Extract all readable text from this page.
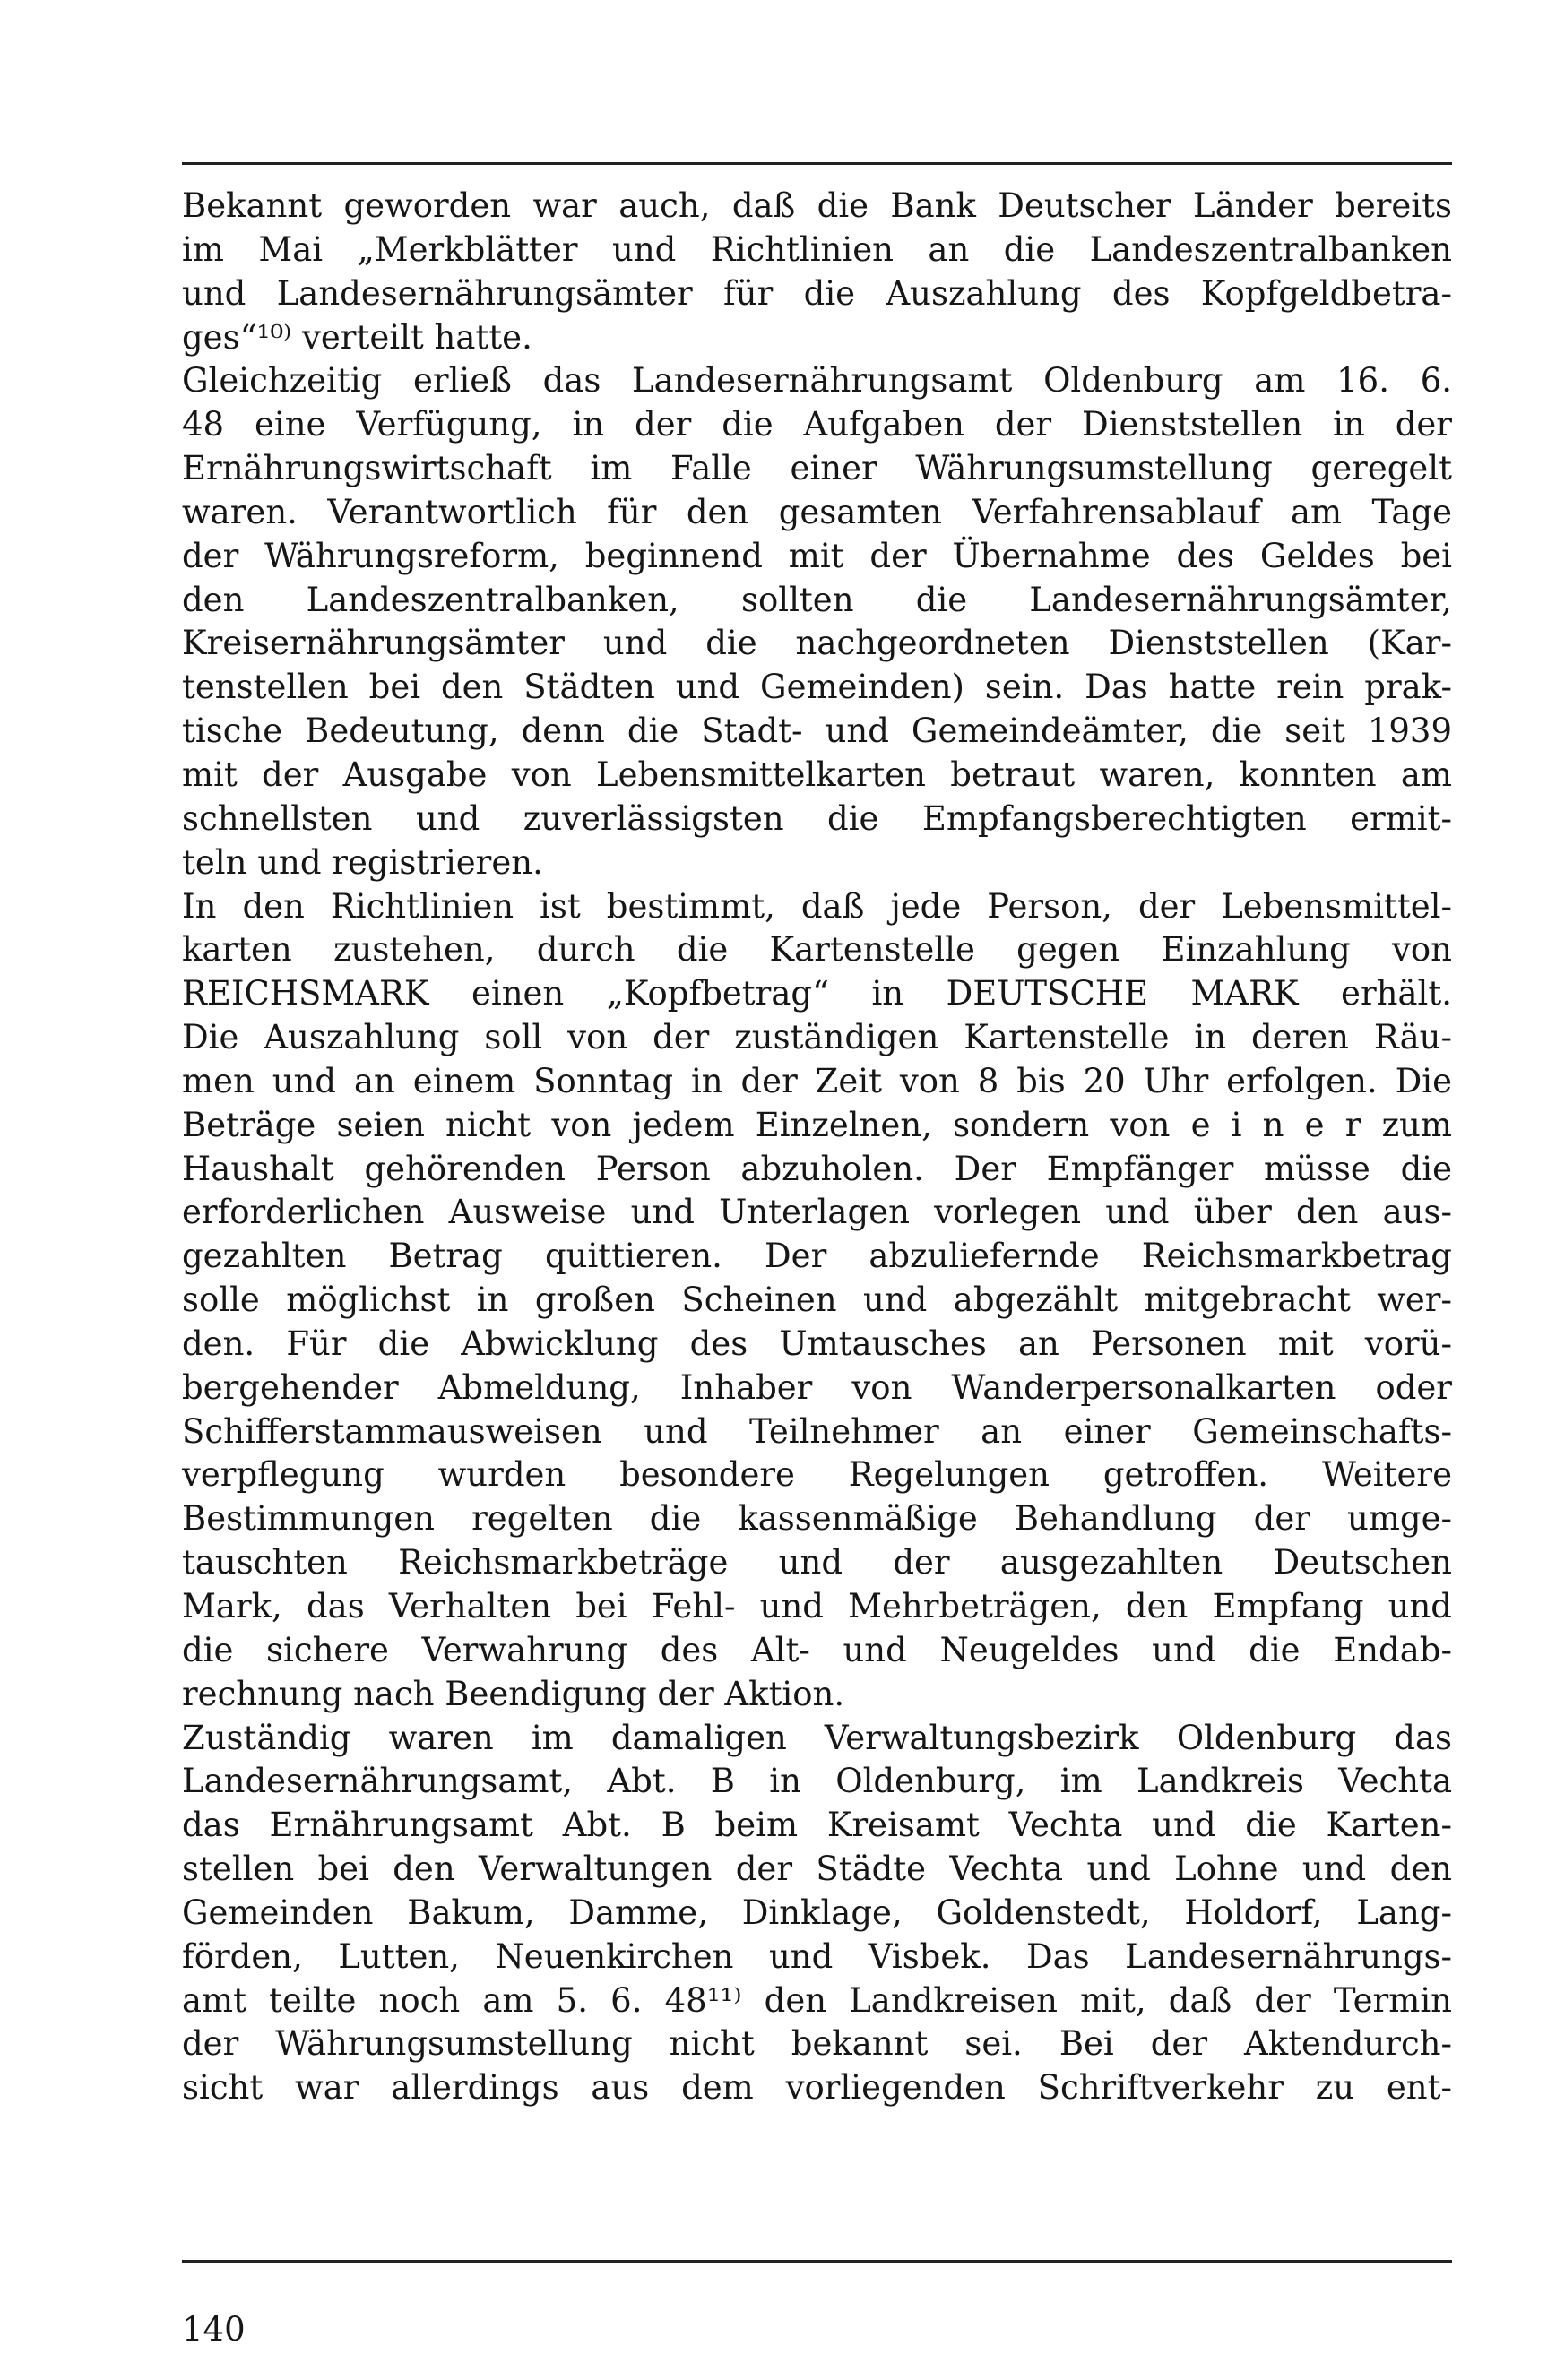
Bekannt geworden war auch, daß die Bank Deutscher Länder bereits
im Mai „Merkblätter und Richtlinien an die Landeszentralbanken
und Landesernährungsämter für die Auszahlung des Kopfgeldbetra-
ges“¹⁰⁾ verteilt hatte.
Gleichzeitig erließ das Landesernährungsamt Oldenburg am 16. 6.
48 eine Verfügung, in der die Aufgaben der Dienststellen in der
Ernährungswirtschaft im Falle einer Währungsumstellung geregelt
waren. Verantwortlich für den gesamten Verfahrensablauf am Tage
der Währungsreform, beginnend mit der Übernahme des Geldes bei
den Landeszentralbanken, sollten die Landesernährungsämter,
Kreisernährungsämter und die nachgeordneten Dienststellen (Kar-
tenstellen bei den Städten und Gemeinden) sein. Das hatte rein prak-
tische Bedeutung, denn die Stadt- und Gemeindeämter, die seit 1939
mit der Ausgabe von Lebensmittelkarten betraut waren, konnten am
schnellsten und zuverlässigsten die Empfangsberechtigten ermit-
teln und registrieren.
In den Richtlinien ist bestimmt, daß jede Person, der Lebensmittel-
karten zustehen, durch die Kartenstelle gegen Einzahlung von
REICHSMARK einen „Kopfbetrag“ in DEUTSCHE MARK erhält.
Die Auszahlung soll von der zuständigen Kartenstelle in deren Räu-
men und an einem Sonntag in der Zeit von 8 bis 20 Uhr erfolgen. Die
Beträge seien nicht von jedem Einzelnen, sondern von e i n e r zum
Haushalt gehörenden Person abzuholen. Der Empfänger müsse die
erforderlichen Ausweise und Unterlagen vorlegen und über den aus-
gezahlten Betrag quittieren. Der abzuliefernde Reichsmarkbetrag
solle möglichst in großen Scheinen und abgezählt mitgebracht wer-
den. Für die Abwicklung des Umtausches an Personen mit vorü-
bergehender Abmeldung, Inhaber von Wanderpersonalkarten oder
Schifferstammausweisen und Teilnehmer an einer Gemeinschafts-
verpflegung wurden besondere Regelungen getroffen. Weitere
Bestimmungen regelten die kassenmäßige Behandlung der umge-
tauschten Reichsmarkbeträge und der ausgezahlten Deutschen
Mark, das Verhalten bei Fehl- und Mehrbeträgen, den Empfang und
die sichere Verwahrung des Alt- und Neugeldes und die Endab-
rechnung nach Beendigung der Aktion.
Zuständig waren im damaligen Verwaltungsbezirk Oldenburg das
Landesernährungsamt, Abt. B in Oldenburg, im Landkreis Vechta
das Ernährungsamt Abt. B beim Kreisamt Vechta und die Karten-
stellen bei den Verwaltungen der Städte Vechta und Lohne und den
Gemeinden Bakum, Damme, Dinklage, Goldenstedt, Holdorf, Lang-
förden, Lutten, Neuenkirchen und Visbek. Das Landesernährungs-
amt teilte noch am 5. 6. 48¹¹⁾ den Landkreisen mit, daß der Termin
der Währungsumstellung nicht bekannt sei. Bei der Aktendurch-
sicht war allerdings aus dem vorliegenden Schriftverkehr zu ent-

140
